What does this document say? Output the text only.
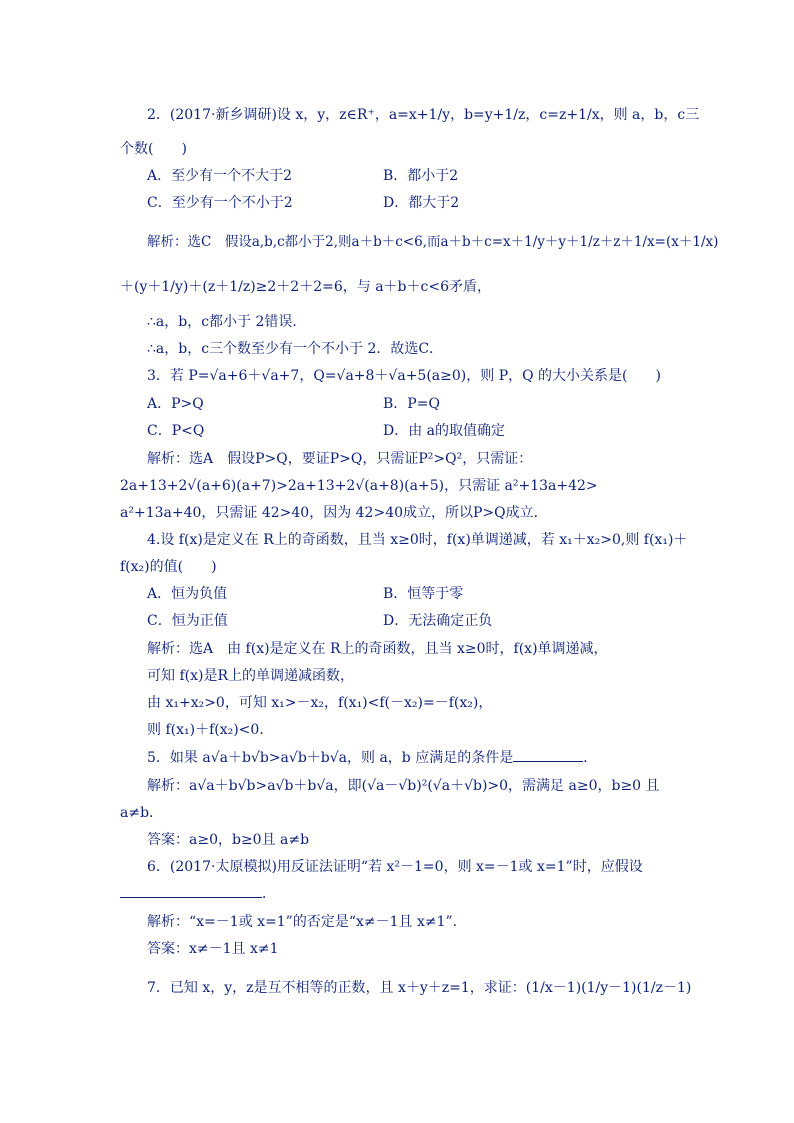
2．(2017·新乡调研)设 x，y，z∈R⁺，a=x+1/y，b=y+1/z，c=z+1/x，则 a，b，c三
个数(　　)
A．至少有一个不大于2	B．都小于2
C．至少有一个不小于2	D．都大于2
解析：选C　假设a,b,c都小于2,则a＋b＋c<6,而a＋b＋c=x＋1/y＋y＋1/z＋z＋1/x=(x＋1/x)
＋(y＋1/y)＋(z＋1/z)≥2＋2＋2=6，与 a＋b＋c<6矛盾，
∴a，b，c都小于 2错误．
∴a，b，c三个数至少有一个不小于 2．故选C．
3．若 P=√a+6＋√a+7，Q=√a+8＋√a+5(a≥0)，则 P，Q 的大小关系是(　　)
A．P>Q	B．P=Q
C．P<Q	D．由 a的取值确定
解析：选A　假设P>Q，要证P>Q，只需证P²>Q²，只需证：
2a+13+2√(a+6)(a+7)>2a+13+2√(a+8)(a+5)，只需证 a²+13a+42>
a²+13a+40，只需证 42>40，因为 42>40成立，所以P>Q成立．
4.设 f(x)是定义在 R上的奇函数，且当 x≥0时，f(x)单调递减，若 x₁＋x₂>0,则 f(x₁)＋
f(x₂)的值(　　)
A．恒为负值	B．恒等于零
C．恒为正值	D．无法确定正负
解析：选A　由 f(x)是定义在 R上的奇函数，且当 x≥0时，f(x)单调递减，
可知 f(x)是R上的单调递减函数，
由 x₁+x₂>0，可知 x₁>－x₂，f(x₁)<f(－x₂)=－f(x₂)，
则 f(x₁)＋f(x₂)<0．
5．如果 a√a＋b√b>a√b＋b√a，则 a，b 应满足的条件是	．
解析：a√a＋b√b>a√b＋b√a，即(√a－√b)²(√a＋√b)>0，需满足 a≥0，b≥0 且
a≠b．
答案：a≥0，b≥0且 a≠b
6．(2017·太原模拟)用反证法证明“若 x²－1=0，则 x=－1或 x=1”时，应假设
．
解析：“x=－1或 x=1”的否定是“x≠－1且 x≠1”．
答案：x≠－1且 x≠1
7．已知 x，y，z是互不相等的正数，且 x＋y＋z=1，求证：(1/x－1)(1/y－1)(1/z－1)
